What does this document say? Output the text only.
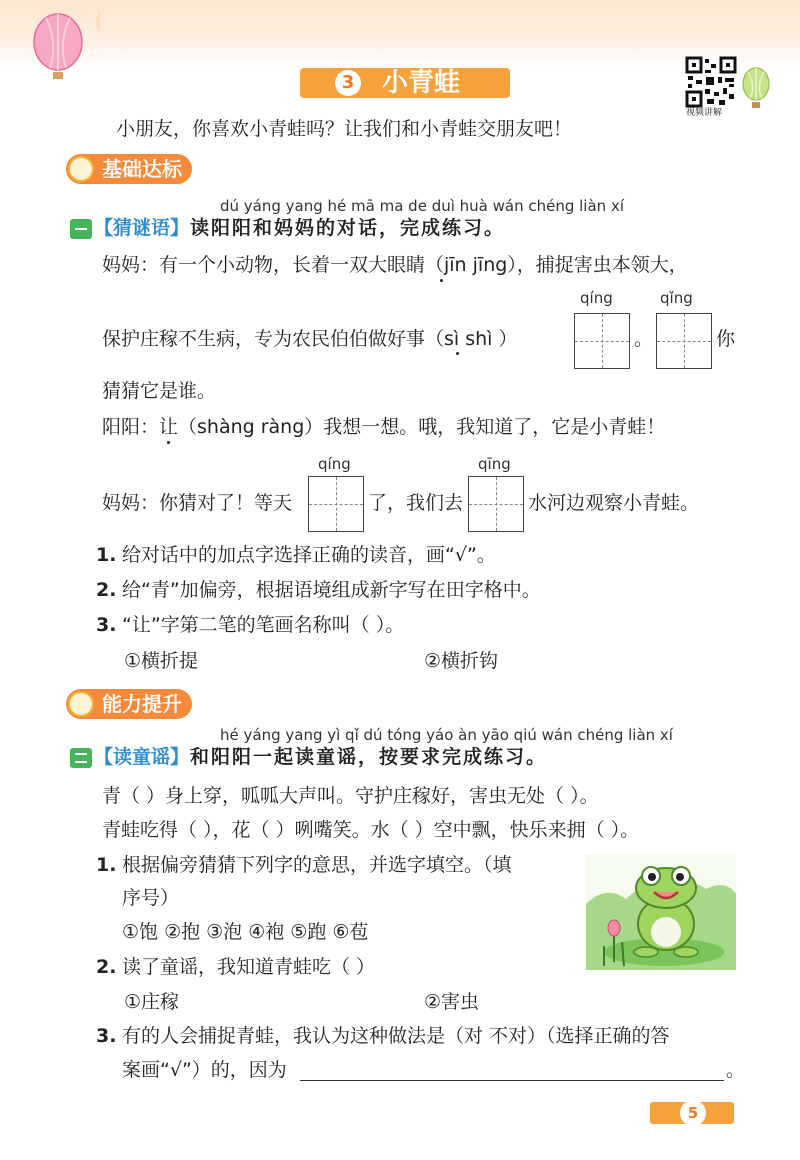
3 小青蛙
视频讲解
小朋友，你喜欢小青蛙吗？让我们和小青蛙交朋友吧！
基础达标
dú yáng yang hé mā ma de duì huà wán chéng liàn xí
【猜谜语】 读阳阳和妈妈的对话，完成练习。
妈妈：有一个小动物，长着一双大眼睛（jīn jīng），捕捉害虫本领大，
qíng	qǐng
保护庄稼不生病，专为农民伯伯做好事（sì shì ）	。	你
猜猜它是谁。
阳阳：让（shàng ràng）我想一想。哦，我知道了，它是小青蛙！
qíng	qīng
妈妈：你猜对了！等天	了，我们去	水河边观察小青蛙。
1. 给对话中的加点字选择正确的读音，画“√”。
2. 给“青”加偏旁，根据语境组成新字写在田字格中。
3. “让”字第二笔的笔画名称叫（ ）。
①横折提	②横折钩
能力提升
hé yáng yang yì qǐ dú tóng yáo àn yāo qiú wán chéng liàn xí
【读童谣】 和阳阳一起读童谣，按要求完成练习。
青（ ）身上穿，呱呱大声叫。守护庄稼好，害虫无处（ ）。
青蛙吃得（ ），花（ ）咧嘴笑。水（ ）空中飘，快乐来拥（ ）。
1. 根据偏旁猜猜下列字的意思，并选字填空。（填
序号）
①饱 ②抱 ③泡 ④袍 ⑤跑 ⑥苞
2. 读了童谣，我知道青蛙吃（ ）
①庄稼	②害虫
3. 有的人会捕捉青蛙，我认为这种做法是（对 不对）（选择正确的答
案画“√”）的，因为	。
5
